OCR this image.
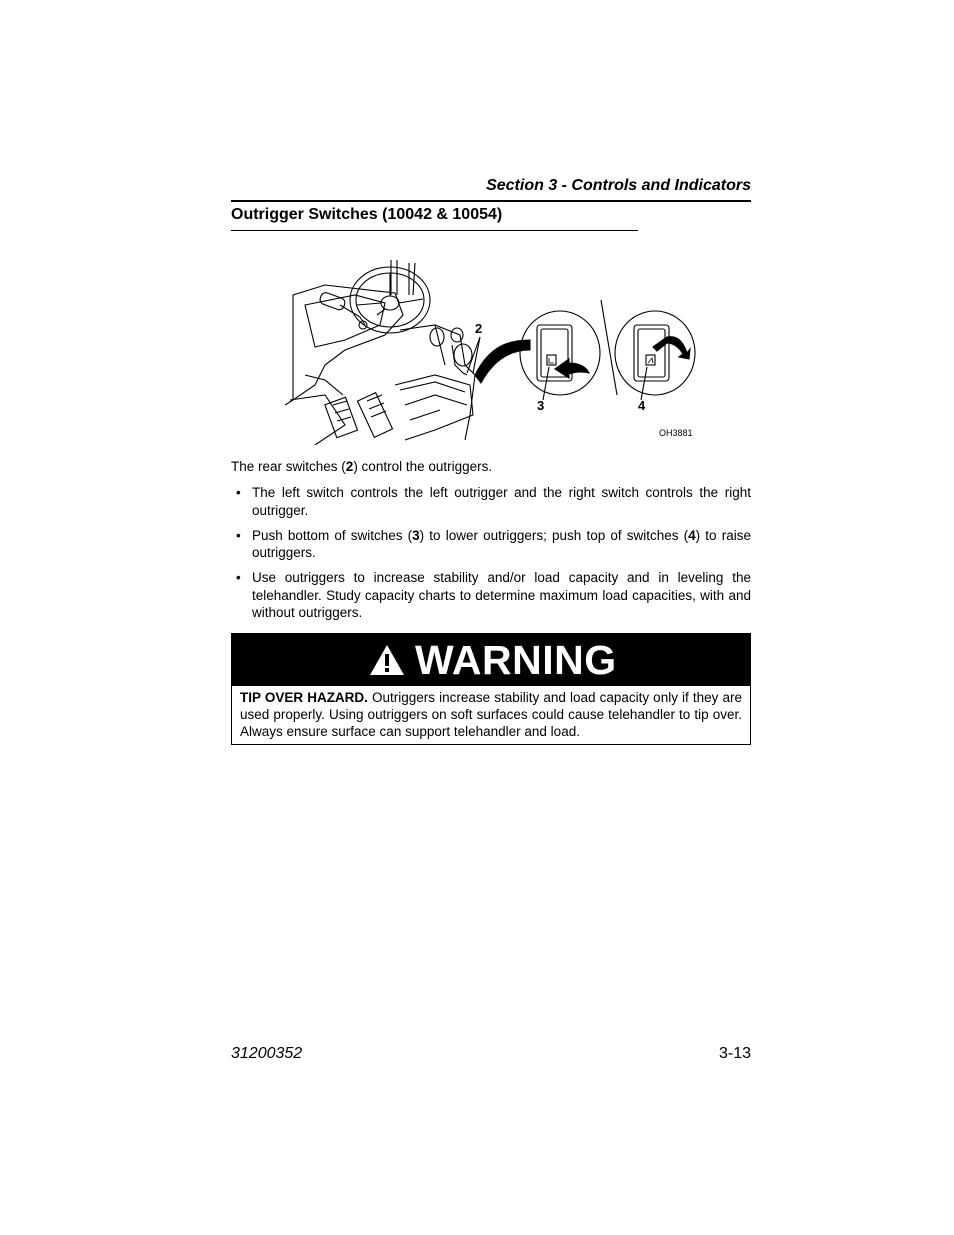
Section 3 - Controls and Indicators
Outrigger Switches (10042 & 10054)
2
3	4
OH3881
The rear switches (2) control the outriggers.
• The left switch controls the left outrigger and the right switch controls the right outrigger.
• Push bottom of switches (3) to lower outriggers; push top of switches (4) to raise outriggers.
• Use outriggers to increase stability and/or load capacity and in leveling the telehandler. Study capacity charts to determine maximum load capacities, with and without outriggers.
WARNING
TIP OVER HAZARD. Outriggers increase stability and load capacity only if they are used properly. Using outriggers on soft surfaces could cause telehandler to tip over. Always ensure surface can support telehandler and load.
31200352	3-13
